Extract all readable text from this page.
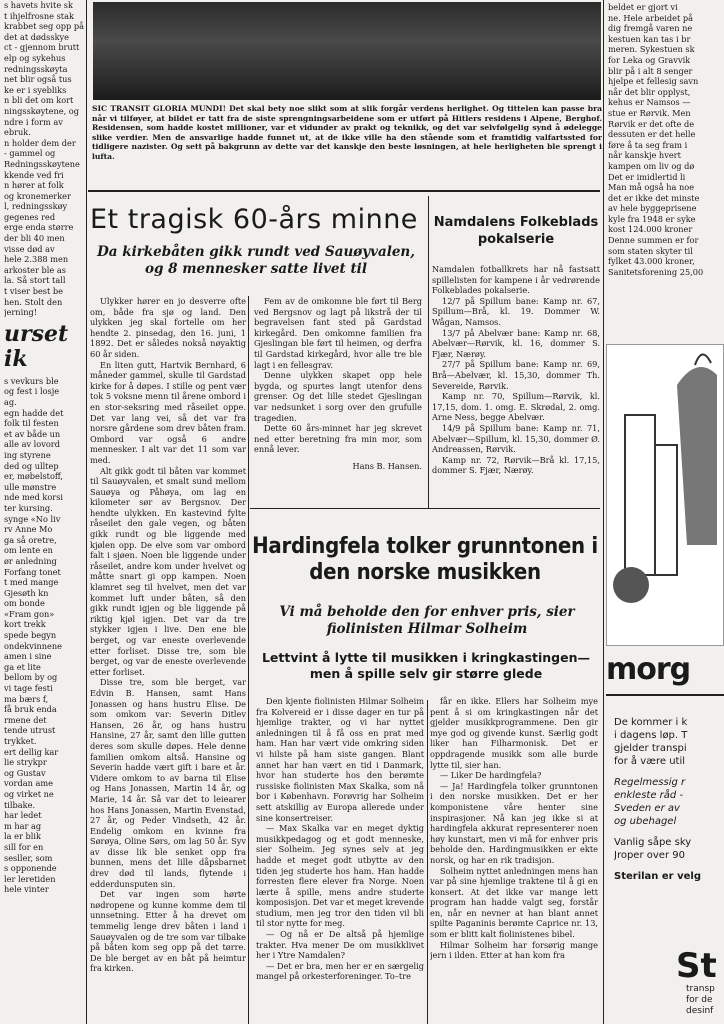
s havets hvite sk
t ihjelfrosne stak
krabbet seg opp på
det at dødsskye
ct - gjennom brutt
elp og sykehus
redningsskøyta
net blir også tus
ke er i syebliks
n bli det om kort
ningsskøytene, og
ndre i form av
ebruk.
n holder dem der
- gammel og
Redningsskøytene
kkende ved fri
n hører at folk
og kronemerker
l, redningsskøy
gegenes red
erge enda større
der bli 40 men
visse død av
hele 2.388 men
arkoster ble as
la. Så stort tall
t viser best be
hen. Stolt den
jerning!
urset
ik
s vevkurs ble
og fest i losje
ag.
egn hadde det
folk til festen
et av både un
alle av lovord
ing styrene
ded og ulltep
er, møbelstoff,
ulle mønstre
nde med korsi
ter kursing.
synge «No liv
rv Anne Mo
ga så oretre,
om lente en
ør anledning
Forfang tonet
t med mange
Gjesøth kn
om bonde
«Fram gon»
kort trekk
spede begyn
ondekvinnene
amen i sine
ga et lite
bellom by og
vi tage festi
ma bærs f,
få bruk enda
rmene det
tende utrust
trykket.
ert dellig kar
lie strykpr
og Gustav
vordan ame
og virket ne
tilbake.
har ledet
m har ag
la er blik
sill for en
sesller, som
s opponende
ler leretiden
hele vinter
SIC TRANSIT GLORIA MUNDI! Det skal bety noe slikt som at slik forgår verdens herlighet. Og tittelen kan passe bra når vi tilføyer, at bildet er tatt fra de siste sprengningsarbeidene som er utført på Hitlers residens i Alpene, Berghof. Residensen, som hadde kostet millioner, var et vidunder av prakt og teknikk, og det var selvfølgelig synd å ødelegge slike verdier. Men de ansvarlige hadde funnet ut, at de ikke ville ha den stående som et framtidig valfartssted for tidligere nazister. Og sett på bakgrunn av dette var det kanskje den beste løsningen, at hele herligheten ble sprengt i lufta.
Et tragisk 60-års minne
Da kirkebåten gikk rundt ved Sauøyvalen, og 8 mennesker satte livet til

Ulykker hører en jo desverre ofte om, både fra sjø og land. Den ulykken jeg skal fortelle om her hendte 2. pinsedag, den 16. juni, 1 1892. Det er således nokså nøyaktig 60 år siden.

En liten gutt, Hartvik Bernhard, 6 måneder gammel, skulle til Gardstad kirke for å døpes. I stille og pent vær tok 5 voksne menn til årene ombord i en stor-seksring med råseilet oppe. Det var lang vei, så det var fra norsre gårdene som drev båten fram. Ombord var også 6 andre mennesker. I alt var det 11 som var med.

Alt gikk godt til båten var kommet til Sauøyvalen, et smalt sund mellom Sauøya og Påhøya, om lag en kilometer sør av Bergsnov. Der hendte ulykken. En kastevind fylte råseilet den gale vegen, og båten gikk rundt og ble liggende med kjølen opp. De elve som var ombord falt i sjøen. Noen ble liggende under råseilet, andre kom under hvelvet og måtte snart gi opp kampen. Noen klamret seg til hvelvet, men det var kommet luft under båten, så den gikk rundt igjen og ble liggende på riktig kjøl igjen. Det var da tre stykker igjen i live. Den ene ble berget, og var eneste overlevende etter forliset. Disse tre, som ble berget, og var de eneste overlevende etter forliset.

Disse tre, som ble berget, var Edvin B. Hansen, samt Hans Jonassen og hans hustru Elise. De som omkom var: Severin Ditlev Hansen, 26 år, og hans hustru Hansine, 27 år, samt den lille gutten deres som skulle døpes. Hele denne familien omkom altså. Hansine og Severin hadde vært gift i bare et år. Videre omkom to av barna til Elise og Hans Jonassen, Martin 14 år, og Marie, 14 år. Så var det to leiearer hos Hans Jonassen, Martin Evenstad, 27 år, og Peder Vindseth, 42 år. Endelig omkom en kvinne fra Sørøya, Oline Sørs, om lag 50 år. Syv av disse lik ble senket opp fra bunnen, mens det lille dåpsbarnet drev død til lands, flytende i edderdunsputen sin.

Det var ingen som hørte nødropene og kunne komme dem til unnsetning. Etter å ha drevet om temmelig lenge drev båten i land i Sauøyvalen og de tre som var tilbake på båten kom seg opp på det tørre. De ble berget av en båt på heimtur fra kirken.

Fem av de omkomne ble ført til Berg ved Bergsnov og lagt på likstrå der til begravelsen fant sted på Gardstad kirkegård. Den omkomne familien fra Gjeslingan ble ført til heimen, og derfra til Gardstad kirkegård, hvor alle tre ble lagt i en fellesgrav.

Denne ulykken skapet opp hele bygda, og spurtes langt utenfor dens grenser. Og det lille stedet Gjeslingan var nedsunket i sorg over den grufulle tragedien.

Dette 60 års-minnet har jeg skrevet ned etter beretning fra min mor, som ennå lever.

Hans B. Hansen.

Namdalens Folkeblads pokalserie

Namdalen fotballkrets har nå fastsatt spillelisten for kampene i år vedrørende Folkeblades pokalserie.

12/7 på Spillum bane: Kamp nr. 67, Spillum—Brå, kl. 19. Dommer W. Wågan, Namsos.

13/7 på Abelvær bane: Kamp nr. 68, Abelvær—Rørvik, kl. 16, dommer S. Fjær, Nærøy.

27/7 på Spillum bane: Kamp nr. 69, Brå—Abelvær, kl. 15,30, dommer Th. Severeide, Rørvik.

Kamp nr. 70, Spillum—Rørvik, kl. 17,15, dom. 1. omg. E. Skrødal, 2. omg. Arne Ness, begge Abelvær.

14/9 på Spillum bane: Kamp nr. 71, Abelvær—Spillum, kl. 15,30, dommer Ø. Andreassen, Rørvik.

Kamp nr. 72, Rørvik—Brå kl. 17,15, dommer S. Fjær, Nærøy.

Hardingfela tolker grunntonen i den norske musikken
Vi må beholde den for enhver pris, sier fiolinisten Hilmar Solheim
Lettvint å lytte til musikken i kringkastingen—men å spille selv gir større glede

Den kjente fiolinisten Hilmar Solheim fra Kolvereid er i disse dager en tur på hjemlige trakter, og vi har nyttet anledningen til å få oss en prat med ham. Han har vært vide omkring siden vi hilste på ham siste gangen. Blant annet har han vært en tid i Danmark, hvor han studerte hos den berømte russiske fiolinisten Max Skalka, som nå bor i København. Forøvrig har Solheim sett atskillig av Europa allerede under sine konsertreiser.

— Max Skalka var en meget dyktig musikkpedagog og et godt menneske, sier Solheim. Jeg synes selv at jeg hadde et meget godt utbytte av den tiden jeg studerte hos ham. Han hadde forresten flere elever fra Norge. Noen lærte å spille, mens andre studerte komposisjon. Det var et meget krevende studium, men jeg tror den tiden vil bli til stor nytte for meg.

— Og nå er De altså på hjemlige trakter. Hva mener De om musikklivet her i Ytre Namdalen?

— Det er bra, men her er en særgelig mangel på orkesterforeninger. To–tre

får en ikke. Ellers har Solheim mye pent å si om kringkastingen når det gjelder musikkprogrammene. Den gir mye god og givende kunst. Særlig godt liker han Filharmonisk. Det er oppdragende musikk som alle burde lytte til, sier han.

— Liker De hardingfela?

— Ja! Hardingfela tolker grunntonen i den norske musikken. Det er her komponistene våre henter sine inspirasjoner. Nå kan jeg ikke si at hardingfela akkurat representerer noen høy kunstart, men vi må for enhver pris beholde den. Hardingmusikken er ekte norsk, og har en rik tradisjon.

Solheim nyttet anledningen mens han var på sine hjemlige traktene til å gi en konsert. At det ikke var mange lett program han hadde valgt seg, forstår en, når en nevner at han blant annet spilte Paganinis berømte Caprice nr. 13, som er blitt kalt fiolinistenes bibel.

Hilmar Solheim har forsørig mange jern i ilden. Etter at han kom fra

beldet er gjort vi
ne. Hele arbeidet på
dig fremgå varen ne
kestuen kan tas i br
meren. Sykestuen sk
for Leka og Gravvik
blir på i alt 8 senger
hjelpe et fellesig savn
når det blir opplyst,
kehus er Namsos —
stue er Rørvik. Men
Rørvik er det ofte de
dessuten er det helle
føre å ta seg fram i
når kanskje hvert
kampen om liv og dø
Det er imidlertid li
Man må også ha noe
det er ikke det minste
av hele byggeprisene
kyle fra 1948 er syke
kost 124.000 kroner
Denne summen er for
som staten skyter til
fylket 43.000 kroner,
Sanitetsforening 25,00
morg
De kommer i k
i dagens løp. T
gjelder transpi
for å være util
Regelmessig r
enkleste råd -
Sveden er av
og ubehagel
Vanlig såpe sky
Jroper over 90
Sterilan er velg
St
transp
for de
desinf
